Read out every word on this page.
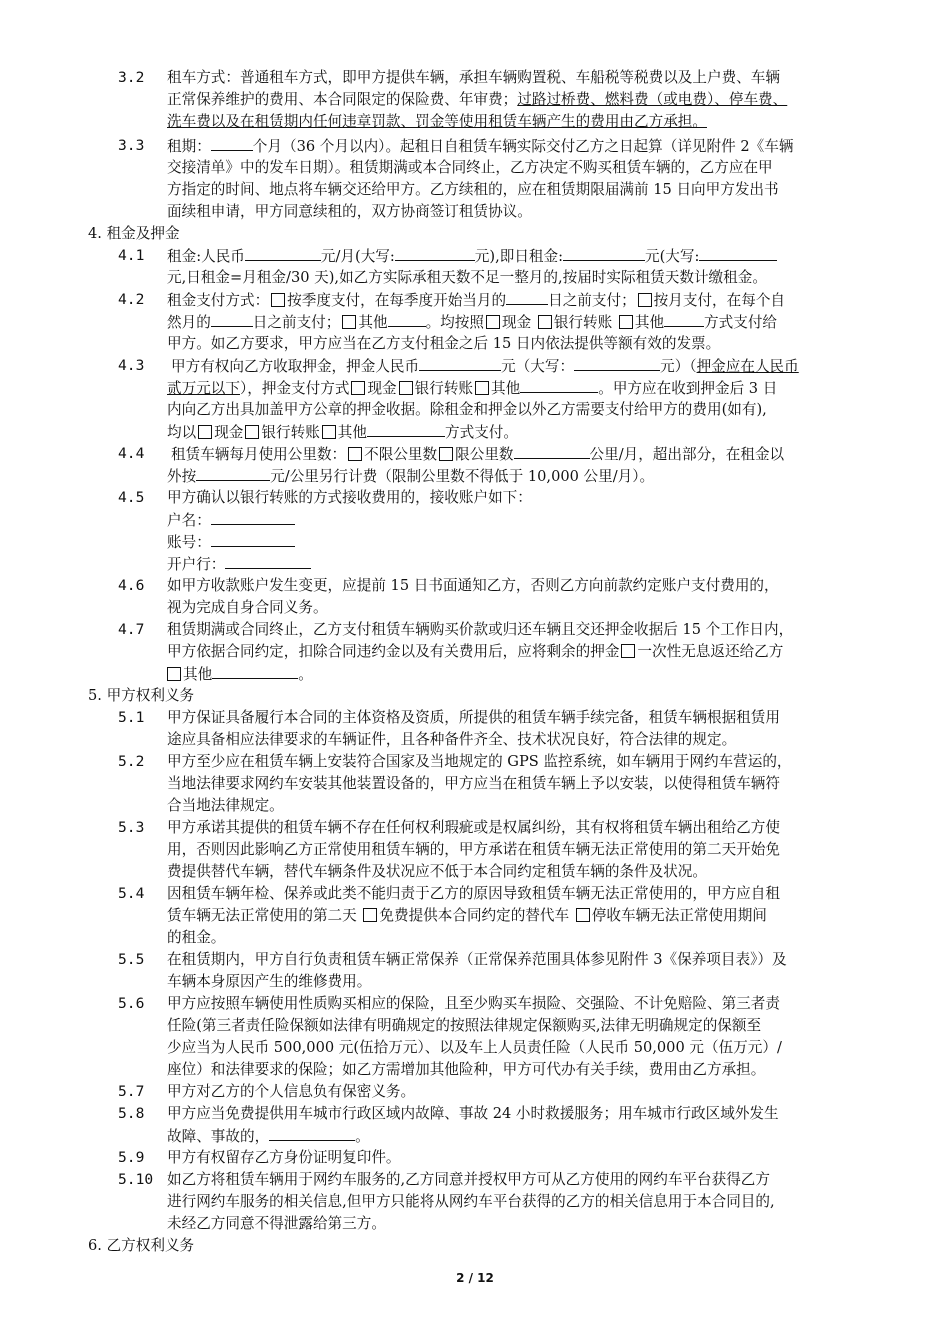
3.2 租车方式：普通租车方式，即甲方提供车辆，承担车辆购置税、车船税等税费以及上户费、车辆
正常保养维护的费用、本合同限定的保险费、年审费；过路过桥费、燃料费（或电费）、停车费、
洗车费以及在租赁期内任何违章罚款、罚金等使用租赁车辆产生的费用由乙方承担。
3.3 租期：	个月（36 个月以内）。起租日自租赁车辆实际交付乙方之日起算（详见附件 2《车辆
交接清单》中的发车日期）。租赁期满或本合同终止，乙方决定不购买租赁车辆的，乙方应在甲
方指定的时间、地点将车辆交还给甲方。乙方续租的，应在租赁期限届满前 15 日向甲方发出书
面续租申请，甲方同意续租的，双方协商签订租赁协议。
4. 租金及押金
4.1 租金:人民币	元/月(大写:	元),即日租金:	元(大写:
元,日租金=月租金/30 天),如乙方实际承租天数不足一整月的,按届时实际租赁天数计缴租金。
4.2 租金支付方式： 按季度支付，在每季度开始当月的	日之前支付； 按月支付，在每个自
然月的	日之前支付； 其他	。均按照 现金 银行转账 其他	方式支付给
甲方。如乙方要求，甲方应当在乙方支付租金之后 15 日内依法提供等额有效的发票。
4.3 甲方有权向乙方收取押金，押金人民币	元（大写：	元）（押金应在人民币
贰万元以下），押金支付方式 现金 银行转账 其他	。甲方应在收到押金后 3 日
内向乙方出具加盖甲方公章的押金收据。除租金和押金以外乙方需要支付给甲方的费用(如有),
均以 现金 银行转账 其他	方式支付。
4.4 租赁车辆每月使用公里数： 不限公里数 限公里数	公里/月，超出部分，在租金以
外按	元/公里另行计费（限制公里数不得低于 10,000 公里/月）。
4.5 甲方确认以银行转账的方式接收费用的，接收账户如下：
户名：
账号：
开户行：
4.6 如甲方收款账户发生变更，应提前 15 日书面通知乙方，否则乙方向前款约定账户支付费用的，
视为完成自身合同义务。
4.7 租赁期满或合同终止，乙方支付租赁车辆购买价款或归还车辆且交还押金收据后 15 个工作日内，
甲方依据合同约定，扣除合同违约金以及有关费用后，应将剩余的押金 一次性无息返还给乙方
其他	。
5. 甲方权利义务
5.1 甲方保证具备履行本合同的主体资格及资质，所提供的租赁车辆手续完备，租赁车辆根据租赁用
途应具备相应法律要求的车辆证件，且各种备件齐全、技术状况良好，符合法律的规定。
5.2 甲方至少应在租赁车辆上安装符合国家及当地规定的 GPS 监控系统，如车辆用于网约车营运的，
当地法律要求网约车安装其他装置设备的，甲方应当在租赁车辆上予以安装，以使得租赁车辆符
合当地法律规定。
5.3 甲方承诺其提供的租赁车辆不存在任何权利瑕疵或是权属纠纷，其有权将租赁车辆出租给乙方使
用，否则因此影响乙方正常使用租赁车辆的，甲方承诺在租赁车辆无法正常使用的第二天开始免
费提供替代车辆，替代车辆条件及状况应不低于本合同约定租赁车辆的条件及状况。
5.4 因租赁车辆年检、保养或此类不能归责于乙方的原因导致租赁车辆无法正常使用的，甲方应自租
赁车辆无法正常使用的第二天 免费提供本合同约定的替代车 停收车辆无法正常使用期间
的租金。
5.5 在租赁期内，甲方自行负责租赁车辆正常保养（正常保养范围具体参见附件 3《保养项目表》）及
车辆本身原因产生的维修费用。
5.6 甲方应按照车辆使用性质购买相应的保险，且至少购买车损险、交强险、不计免赔险、第三者责
任险(第三者责任险保额如法律有明确规定的按照法律规定保额购买,法律无明确规定的保额至
少应当为人民币 500,000 元(伍拾万元）、以及车上人员责任险（人民币 50,000 元（伍万元）/
座位）和法律要求的保险；如乙方需增加其他险种，甲方可代办有关手续，费用由乙方承担。
5.7 甲方对乙方的个人信息负有保密义务。
5.8 甲方应当免费提供用车城市行政区域内故障、事故 24 小时救援服务；用车城市行政区域外发生
故障、事故的，	。
5.9 甲方有权留存乙方身份证明复印件。
5.10 如乙方将租赁车辆用于网约车服务的,乙方同意并授权甲方可从乙方使用的网约车平台获得乙方
进行网约车服务的相关信息,但甲方只能将从网约车平台获得的乙方的相关信息用于本合同目的,
未经乙方同意不得泄露给第三方。
6. 乙方权利义务
2 / 12
